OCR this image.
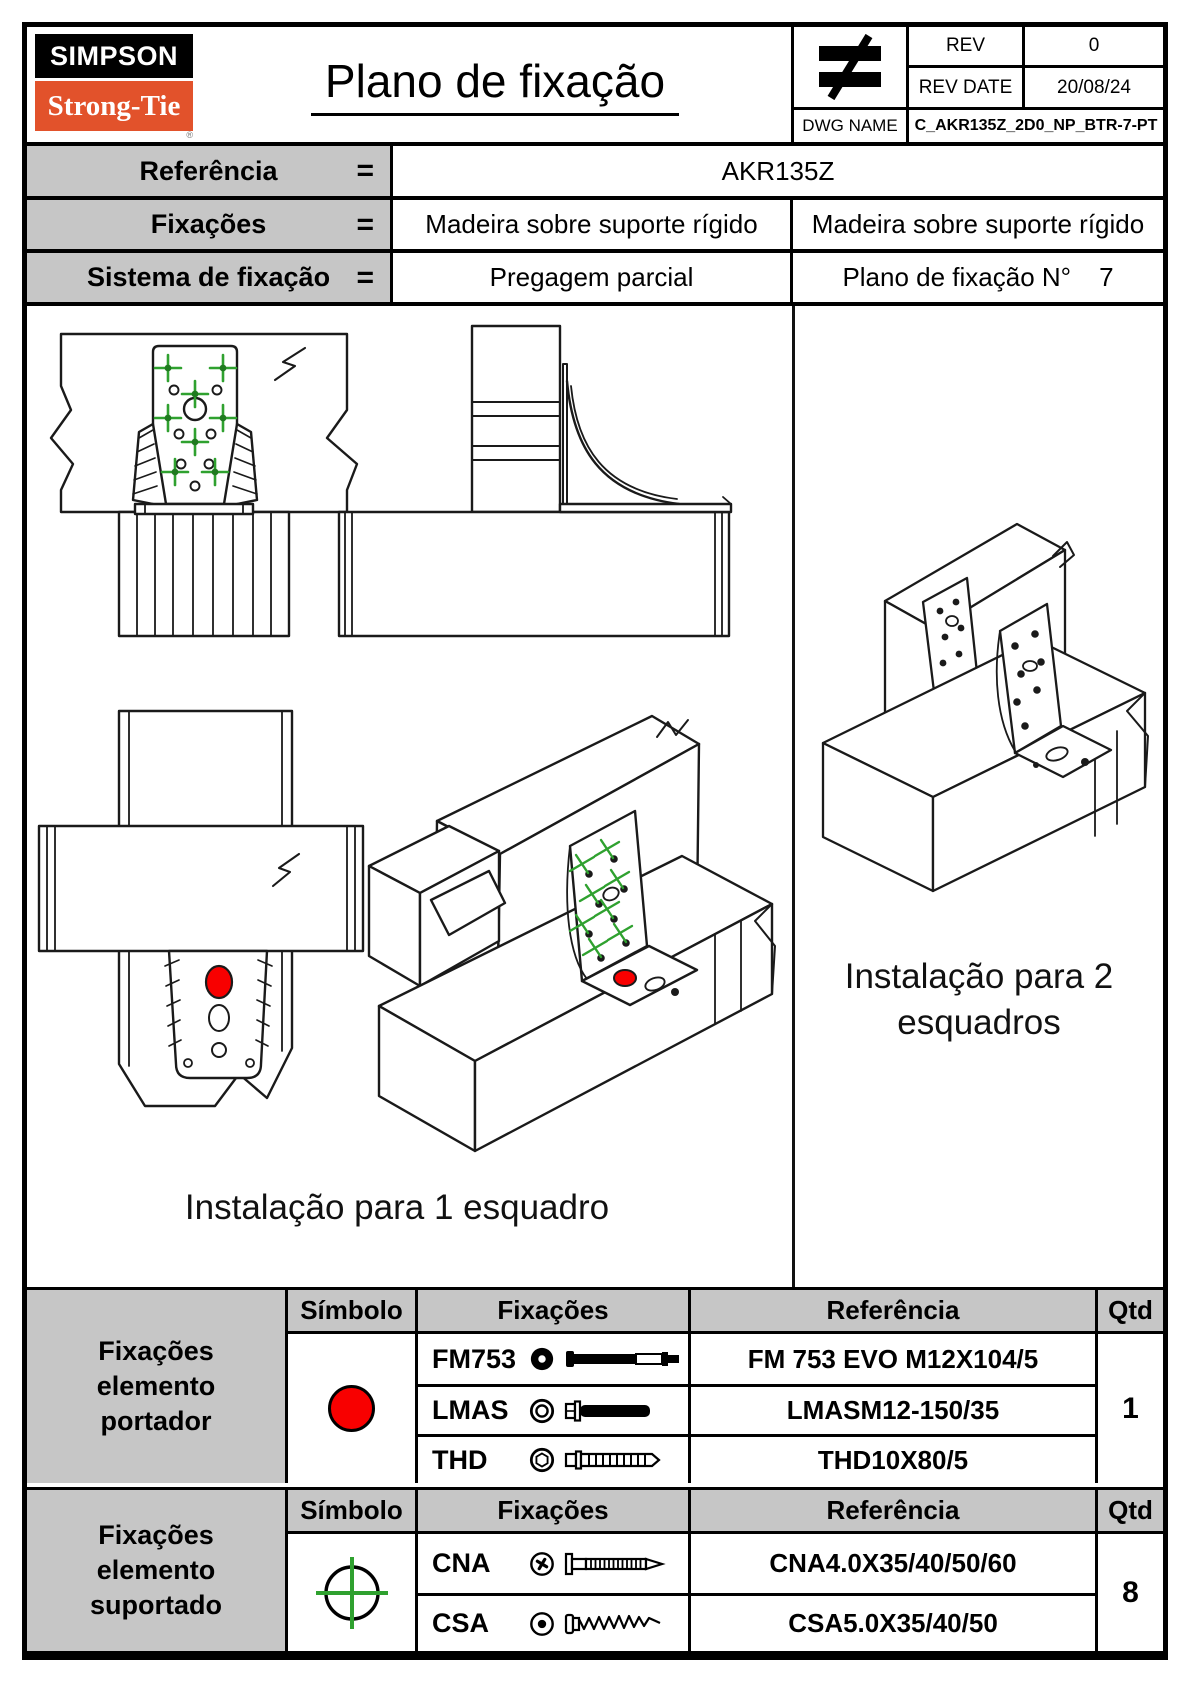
SIMPSON
Strong-Tie
®
Plano de fixação
REV	0
REV DATE	20/08/24
DWG NAME	C_AKR135Z_2D0_NP_BTR-7-PT
Referência	=	AKR135Z
Fixações	=	Madeira sobre suporte rígido	Madeira sobre suporte rígido
Sistema de fixação =	Pregagem parcial	Plano de fixação N° 7
Instalação para 1 esquadro
Instalação para 2
esquadros
Fixações elemento portador
Símbolo	Fixações	Referência	Qtd
FM753	FM 753 EVO M12X104/5
LMAS	LMASM12-150/35
THD	THD10X80/5
1
Fixações elemento suportado
Símbolo	Fixações	Referência	Qtd
CNA	CNA4.0X35/40/50/60
CSA	CSA5.0X35/40/50
8
